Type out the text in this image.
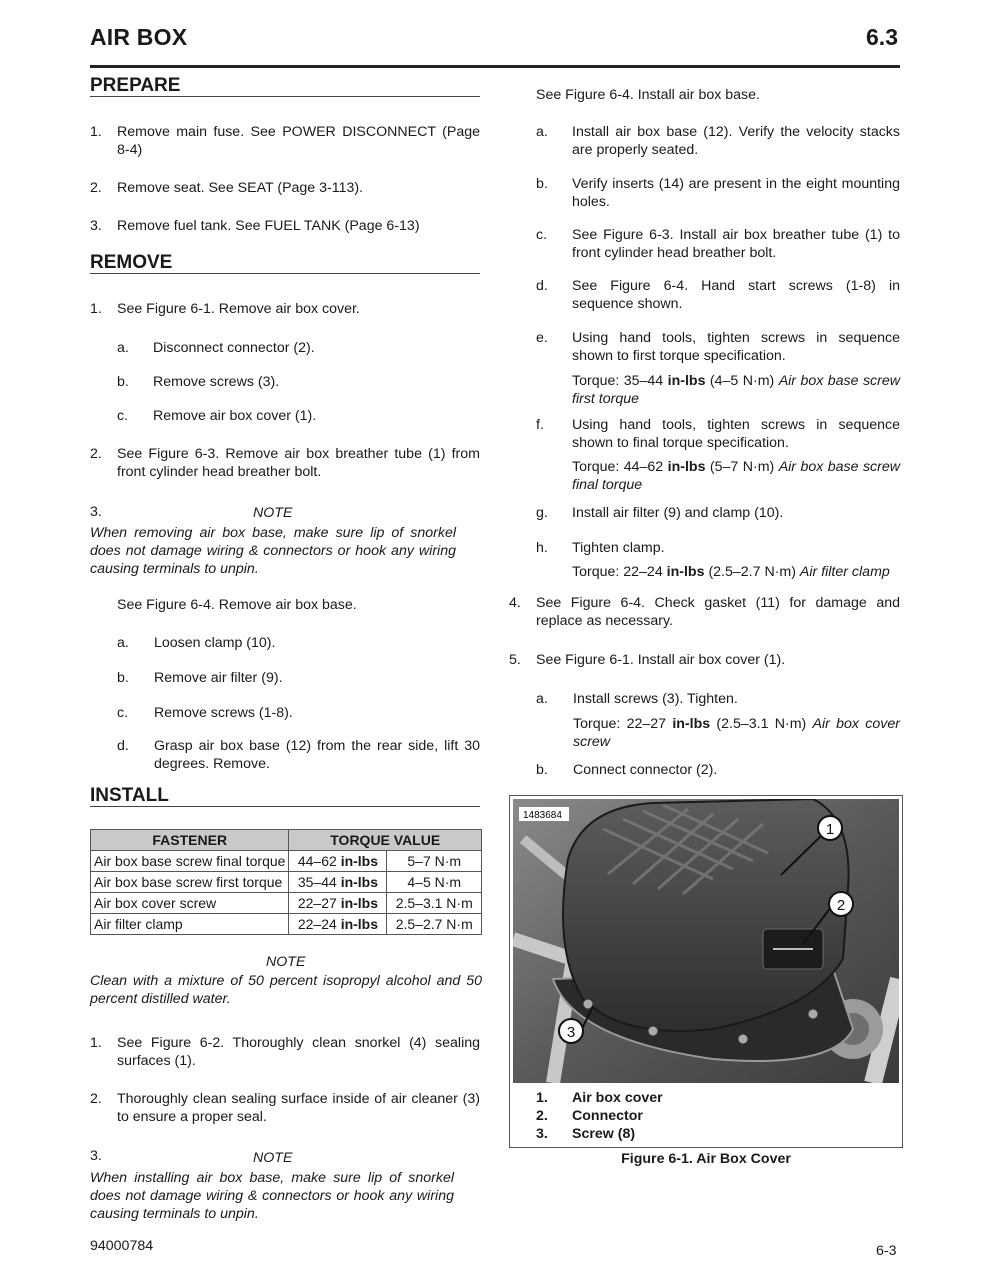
AIR BOX	6.3
PREPARE
1. Remove main fuse. See POWER DISCONNECT (Page 8-4)
2. Remove seat. See SEAT (Page 3-113).
3. Remove fuel tank. See FUEL TANK (Page 6-13)
REMOVE
1. See Figure 6-1. Remove air box cover.
a. Disconnect connector (2).
b. Remove screws (3).
c. Remove air box cover (1).
2. See Figure 6-3. Remove air box breather tube (1) from front cylinder head breather bolt.
3.	NOTE
When removing air box base, make sure lip of snorkel does not damage wiring & connectors or hook any wiring causing terminals to unpin.
See Figure 6-4. Remove air box base.
a. Loosen clamp (10).
b. Remove air filter (9).
c. Remove screws (1-8).
d. Grasp air box base (12) from the rear side, lift 30 degrees. Remove.
INSTALL
FASTENER	TORQUE VALUE	
Air box base screw final torque	44–62 in-lbs	5–7 N·m
Air box base screw first torque	35–44 in-lbs	4–5 N·m
Air box cover screw	22–27 in-lbs	2.5–3.1 N·m
Air filter clamp	22–24 in-lbs	2.5–2.7 N·m
NOTE
Clean with a mixture of 50 percent isopropyl alcohol and 50 percent distilled water.
1. See Figure 6-2. Thoroughly clean snorkel (4) sealing surfaces (1).
2. Thoroughly clean sealing surface inside of air cleaner (3) to ensure a proper seal.
3.	NOTE
When installing air box base, make sure lip of snorkel does not damage wiring & connectors or hook any wiring causing terminals to unpin.
94000784	6-3
See Figure 6-4. Install air box base.
a. Install air box base (12). Verify the velocity stacks are properly seated.
b. Verify inserts (14) are present in the eight mounting holes.
c. See Figure 6-3. Install air box breather tube (1) to front cylinder head breather bolt.
d. See Figure 6-4. Hand start screws (1-8) in sequence shown.
e. Using hand tools, tighten screws in sequence shown to first torque specification.
Torque: 35–44 in-lbs (4–5 N·m) Air box base screw first torque
f. Using hand tools, tighten screws in sequence shown to final torque specification.
Torque: 44–62 in-lbs (5–7 N·m) Air box base screw final torque
g. Install air filter (9) and clamp (10).
h. Tighten clamp.
Torque: 22–24 in-lbs (2.5–2.7 N·m) Air filter clamp
4. See Figure 6-4. Check gasket (11) for damage and replace as necessary.
5. See Figure 6-1. Install air box cover (1).
a. Install screws (3). Tighten.
Torque: 22–27 in-lbs (2.5–3.1 N·m) Air box cover screw
b. Connect connector (2).
1483684
1
2
3
1. Air box cover
2. Connector
3. Screw (8)
Figure 6-1. Air Box Cover
